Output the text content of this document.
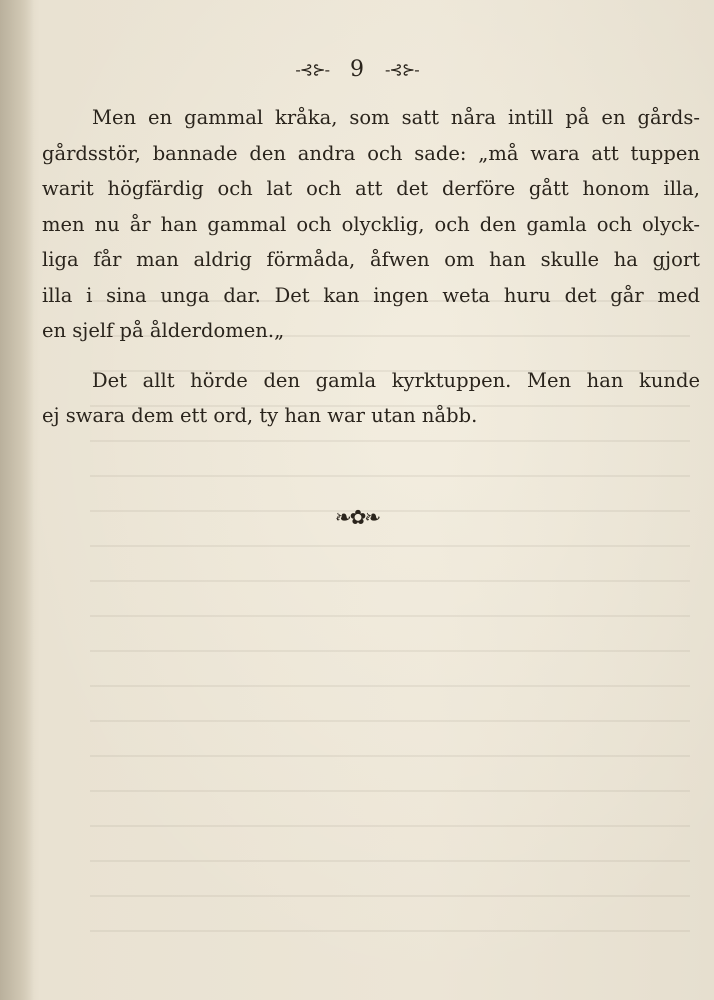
-⊰⊱- 9 -⊰⊱-
Men en gammal kråka, som satt nåra intill på en gårds-
gårdsstör, bannade den andra och sade: „må wara att tuppen
warit högfärdig och lat och att det derföre gått honom illa,
men nu år han gammal och olycklig, och den gamla och olyck-
liga får man aldrig förmåda, åfwen om han skulle ha gjort
illa i sina unga dar. Det kan ingen weta huru det går med
en sjelf på ålderdomen.„
Det allt hörde den gamla kyrktuppen. Men han kunde
ej swara dem ett ord, ty han war utan nåbb.
❧✿❧
